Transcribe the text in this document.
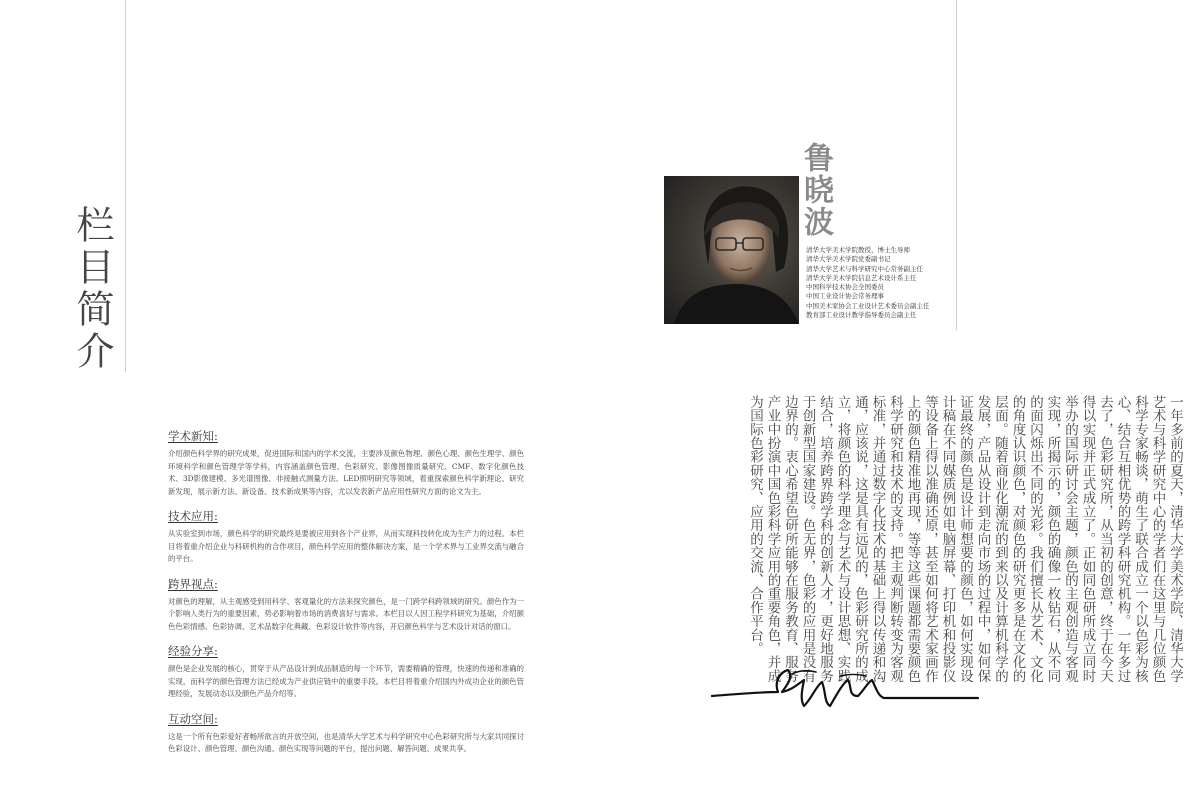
栏目简介
学术新知:

介绍颜色科学界的研究成果，促进国际和国内的学术交流，主要涉及颜色物理、颜色心理、颜色生理学、颜色环境科学和颜色管理学等学科，内容涵盖颜色管理、色彩研究、影像图像质量研究、CMF、数字化颜色技术、3D影像建模、多光谱图像、非接触式测量方法、LED照明研究等领域，着重探索颜色科学新理论、研究新发现，展示新方法、新设备、技术新成果等内容，尤以发表新产品应用性研究方面的论文为主。

技术应用:

从实验室到市场，颜色科学的研究最终是要被应用到各个产业界，从而实现科技转化成为生产力的过程。本栏目将着重介绍企业与科研机构的合作项目，颜色科学应用的整体解决方案，是一个学术界与工业界交流与融合的平台。

跨界视点:

对颜色的理解，从主观感受到用科学、客观量化的方法来探究颜色，是一门跨学科跨领域的研究。颜色作为一个影响人类行为的重要因素，势必影响着市场的消费喜好与需求。本栏目以人因工程学科研究为基础，介绍颜色色彩情感、色彩协调、艺术品数字化典藏、色彩设计软件等内容，开启颜色科学与艺术设计对话的窗口。

经验分享:

颜色是企业发展的核心，贯穿于从产品设计到成品制造的每一个环节，需要精确的管理，快速的传递和准确的实现，而科学的颜色管理方法已经成为产业供应链中的重要手段。本栏目将着重介绍国内外成功企业的颜色管理经验，发展动态以及颜色产品介绍等。

互动空间:

这是一个所有色彩爱好者畅所欲言的开放空间，也是清华大学艺术与科学研究中心色彩研究所与大家共同探讨色彩设计、颜色管理、颜色沟通、颜色实现等问题的平台，提出问题、解答问题、成果共享。

鲁晓波
清华大学美术学院教授、博士生导师
清华大学美术学院党委副书记
清华大学艺术与科学研究中心常务副主任
清华大学美术学院信息艺术设计系主任
中国科学技术协会全国委员
中国工业设计协会常务理事
中国美术家协会工业设计艺术委员会副主任
教育部工业设计教学指导委员会副主任

一年多前的夏天，清华大学美术学院、清华大学艺术与科学研究中心的学者们在这里与几位颜色科学专家畅谈，萌生了联合成立一个以色彩为核心、结合互相优势的跨学科研究机构。一年多过去了，色彩研究所，从当初的创意，终于在今天得以实现并正式成立了。正如同色研所成立同时举办的国际研讨会主题，颜色的主观创造与客观实现，所揭示的，颜色的确像一枚钻石，从不同的面闪烁出不同的光彩。我们擅长从艺术、文化的角度认识颜色，对颜色的研究更多是在文化的层面。随着商业化潮流的到来以及计算机科学的发展，产品从设计到走向市场的过程中，如何保证最终的颜色是设计师想要的颜色，如何实现设计稿在不同媒质例如电脑屏幕、打印机和投影仪等设备上得以准确还原，甚至如何将艺术家画作上的颜色精准地再现，等等这些课题都需要颜色科学研究和技术的支持。把主观判断转变为客观标准，并通过数字化技术的基础上得以传递和沟通，应该说，这是具有远见的，色彩研究所的成立，将颜色的科学理念与艺术与设计思想、实践结合，培养跨界跨学科的创新人才，更好地服务于创新型国家建设。色无界，色彩的应用是没有边界的。衷心希望色研所能够在服务教育、服务产业中扮演中国色彩科学应用的重要角色，并成为国际色彩研究、应用的交流、合作平台。
